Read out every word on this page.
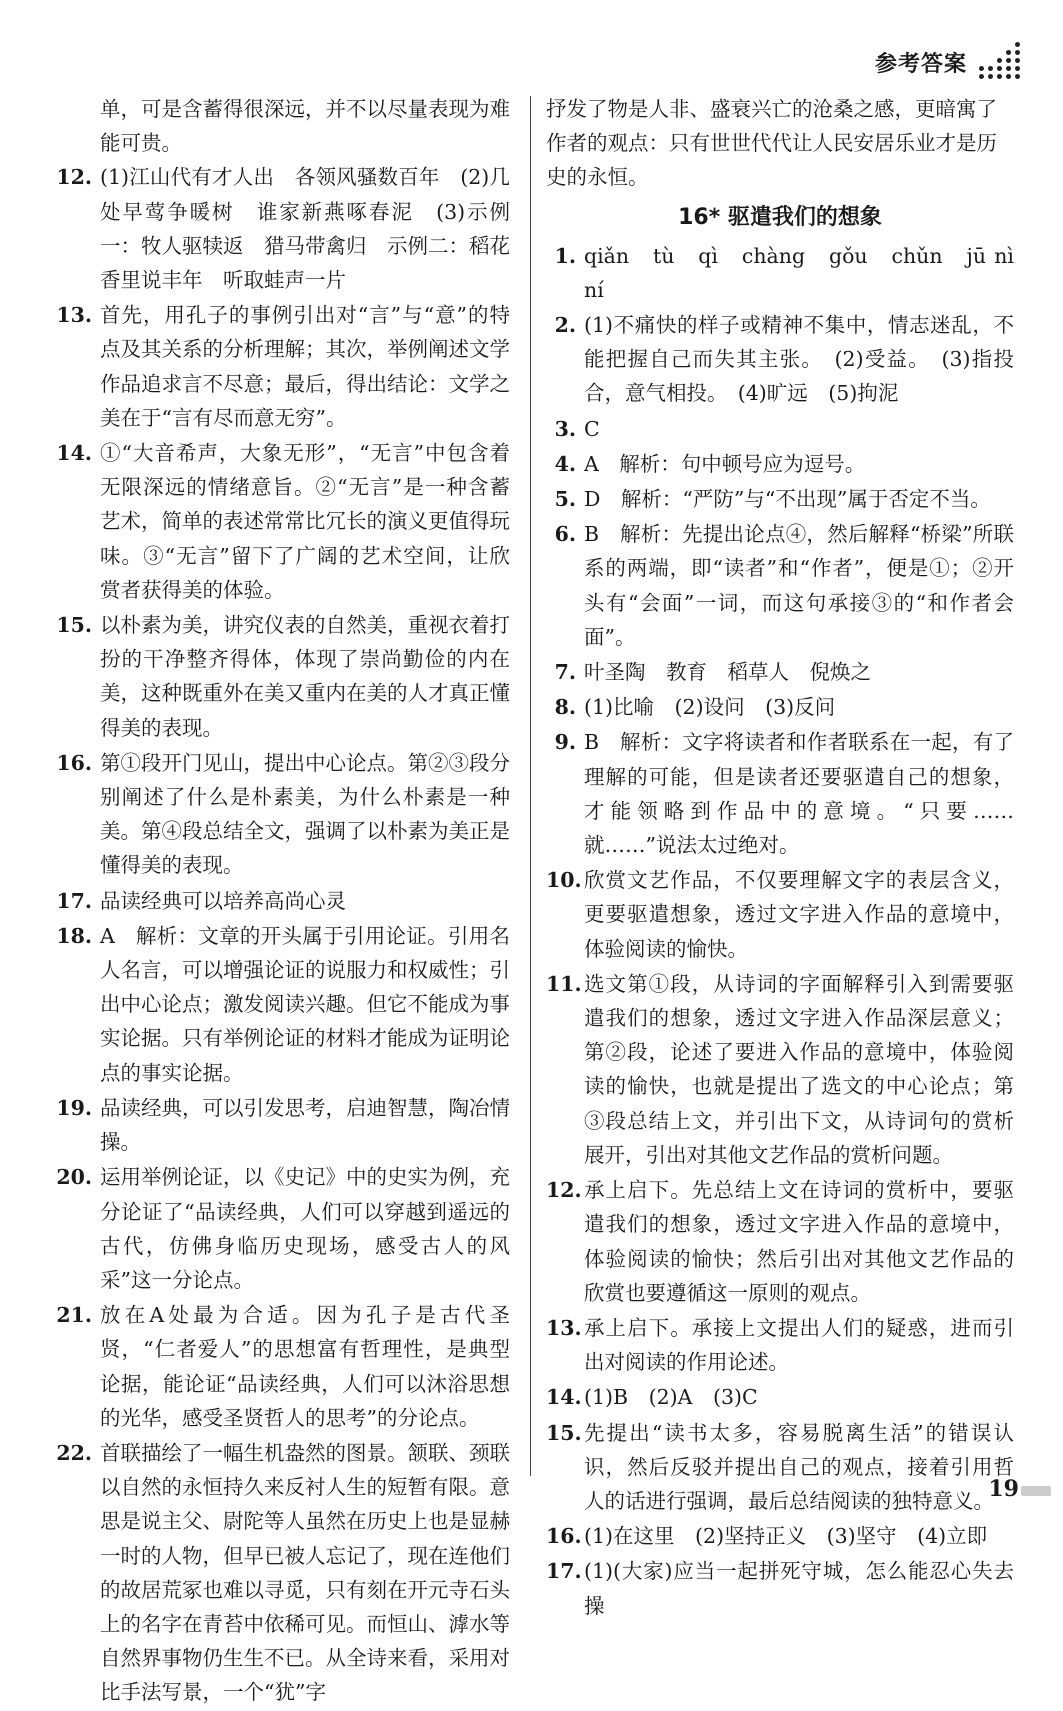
参考答案
单，可是含蓄得很深远，并不以尽量表现为难能可贵。
12. (1)江山代有才人出　各领风骚数百年　(2)几处早莺争暖树　谁家新燕啄春泥　(3)示例一：牧人驱犊返　猎马带禽归　示例二：稻花香里说丰年　听取蛙声一片
13. 首先，用孔子的事例引出对“言”与“意”的特点及其关系的分析理解；其次，举例阐述文学作品追求言不尽意；最后，得出结论：文学之美在于“言有尽而意无穷”。
14. ①“大音希声，大象无形”，“无言”中包含着无限深远的情绪意旨。②“无言”是一种含蓄艺术，简单的表述常常比冗长的演义更值得玩味。③“无言”留下了广阔的艺术空间，让欣赏者获得美的体验。
15. 以朴素为美，讲究仪表的自然美，重视衣着打扮的干净整齐得体，体现了崇尚勤俭的内在美，这种既重外在美又重内在美的人才真正懂得美的表现。
16. 第①段开门见山，提出中心论点。第②③段分别阐述了什么是朴素美，为什么朴素是一种美。第④段总结全文，强调了以朴素为美正是懂得美的表现。
17. 品读经典可以培养高尚心灵
18. A　解析：文章的开头属于引用论证。引用名人名言，可以增强论证的说服力和权威性；引出中心论点；激发阅读兴趣。但它不能成为事实论据。只有举例论证的材料才能成为证明论点的事实论据。
19. 品读经典，可以引发思考，启迪智慧，陶冶情操。
20. 运用举例论证，以《史记》中的史实为例，充分论证了“品读经典，人们可以穿越到遥远的古代，仿佛身临历史现场，感受古人的风采”这一分论点。
21. 放在A处最为合适。因为孔子是古代圣贤，“仁者爱人”的思想富有哲理性，是典型论据，能论证“品读经典，人们可以沐浴思想的光华，感受圣贤哲人的思考”的分论点。
22. 首联描绘了一幅生机盎然的图景。颔联、颈联以自然的永恒持久来反衬人生的短暂有限。意思是说主父、尉陀等人虽然在历史上也是显赫一时的人物，但早已被人忘记了，现在连他们的故居荒冢也难以寻觅，只有刻在开元寺石头上的名字在青苔中依稀可见。而恒山、滹水等自然界事物仍生生不已。从全诗来看，采用对比手法写景，一个“犹”字
抒发了物是人非、盛衰兴亡的沧桑之感，更暗寓了作者的观点：只有世世代代让人民安居乐业才是历史的永恒。
16* 驱遣我们的想象
1. qiǎn　tù　qì　chàng　gǒu　chǔn　jū nì　ní
2. (1)不痛快的样子或精神不集中，情志迷乱，不能把握自己而失其主张。　(2)受益。　(3)指投合，意气相投。　(4)旷远　(5)拘泥
3. C
4. A　解析：句中顿号应为逗号。
5. D　解析：“严防”与“不出现”属于否定不当。
6. B　解析：先提出论点④，然后解释“桥梁”所联系的两端，即“读者”和“作者”，便是①；②开头有“会面”一词，而这句承接③的“和作者会面”。
7. 叶圣陶　教育　稻草人　倪焕之
8. (1)比喻　(2)设问　(3)反问
9. B　解析：文字将读者和作者联系在一起，有了理解的可能，但是读者还要驱遣自己的想象，才能领略到作品中的意境。“只要……就……”说法太过绝对。
10. 欣赏文艺作品，不仅要理解文字的表层含义，更要驱遣想象，透过文字进入作品的意境中，体验阅读的愉快。
11. 选文第①段，从诗词的字面解释引入到需要驱遣我们的想象，透过文字进入作品深层意义；第②段，论述了要进入作品的意境中，体验阅读的愉快，也就是提出了选文的中心论点；第③段总结上文，并引出下文，从诗词句的赏析展开，引出对其他文艺作品的赏析问题。
12. 承上启下。先总结上文在诗词的赏析中，要驱遣我们的想象，透过文字进入作品的意境中，体验阅读的愉快；然后引出对其他文艺作品的欣赏也要遵循这一原则的观点。
13. 承上启下。承接上文提出人们的疑惑，进而引出对阅读的作用论述。
14. (1)B　(2)A　(3)C
15. 先提出“读书太多，容易脱离生活”的错误认识，然后反驳并提出自己的观点，接着引用哲人的话进行强调，最后总结阅读的独特意义。
16. (1)在这里　(2)坚持正义　(3)坚守　(4)立即
17. (1)(大家)应当一起拼死守城，怎么能忍心失去操
19
